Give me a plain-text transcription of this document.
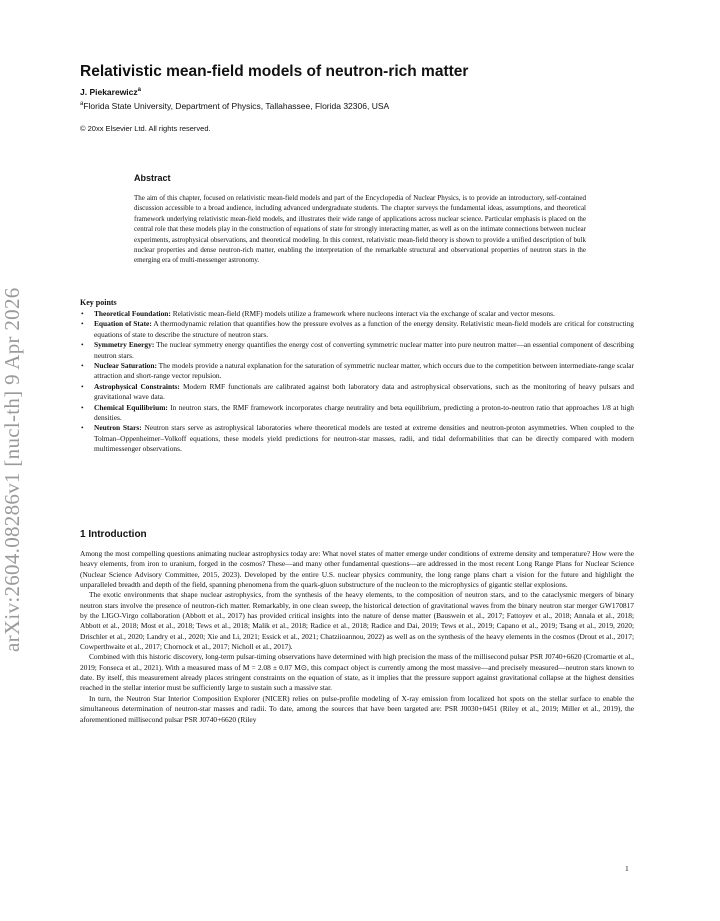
arXiv:2604.08286v1 [nucl-th] 9 Apr 2026
Relativistic mean-field models of neutron-rich matter
J. Piekarewicz$^a$
$^a$Florida State University, Department of Physics, Tallahassee, Florida 32306, USA
© 20xx Elsevier Ltd. All rights reserved.
Abstract

The aim of this chapter, focused on relativistic mean-field models and part of the Encyclopedia of Nuclear Physics, is to provide an introductory, self-contained discussion accessible to a broad audience, including advanced undergraduate students. The chapter surveys the fundamental ideas, assumptions, and theoretical framework underlying relativistic mean-field models, and illustrates their wide range of applications across nuclear science. Particular emphasis is placed on the central role that these models play in the construction of equations of state for strongly interacting matter, as well as on the intimate connections between nuclear experiments, astrophysical observations, and theoretical modeling. In this context, relativistic mean-field theory is shown to provide a unified description of bulk nuclear properties and dense neutron-rich matter, enabling the interpretation of the remarkable structural and observational properties of neutron stars in the emerging era of multi-messenger astronomy.

Key points
• Theoretical Foundation: Relativistic mean-field (RMF) models utilize a framework where nucleons interact via the exchange of scalar and vector mesons.
• Equation of State: A thermodynamic relation that quantifies how the pressure evolves as a function of the energy density. Relativistic mean-field models are critical for constructing equations of state to describe the structure of neutron stars.
• Symmetry Energy: The nuclear symmetry energy quantifies the energy cost of converting symmetric nuclear matter into pure neutron matter—an essential component of describing neutron stars.
• Nuclear Saturation: The models provide a natural explanation for the saturation of symmetric nuclear matter, which occurs due to the competition between intermediate-range scalar attraction and short-range vector repulsion.
• Astrophysical Constraints: Modern RMF functionals are calibrated against both laboratory data and astrophysical observations, such as the monitoring of heavy pulsars and gravitational wave data.
• Chemical Equilibrium: In neutron stars, the RMF framework incorporates charge neutrality and beta equilibrium, predicting a proton-to-neutron ratio that approaches 1/8 at high densities.
• Neutron Stars: Neutron stars serve as astrophysical laboratories where theoretical models are tested at extreme densities and neutron-proton asymmetries. When coupled to the Tolman–Oppenheimer–Volkoff equations, these models yield predictions for neutron-star masses, radii, and tidal deformabilities that can be directly compared with modern multimessenger observations.
1 Introduction

Among the most compelling questions animating nuclear astrophysics today are: What novel states of matter emerge under conditions of extreme density and temperature? How were the heavy elements, from iron to uranium, forged in the cosmos? These—and many other fundamental questions—are addressed in the most recent Long Range Plans for Nuclear Science (Nuclear Science Advisory Committee, 2015, 2023). Developed by the entire U.S. nuclear physics community, the long range plans chart a vision for the future and highlight the unparalleled breadth and depth of the field, spanning phenomena from the quark-gluon substructure of the nucleon to the microphysics of gigantic stellar explosions.

The exotic environments that shape nuclear astrophysics, from the synthesis of the heavy elements, to the composition of neutron stars, and to the cataclysmic mergers of binary neutron stars involve the presence of neutron-rich matter. Remarkably, in one clean sweep, the historical detection of gravitational waves from the binary neutron star merger GW170817 by the LIGO-Virgo collaboration (Abbott et al., 2017) has provided critical insights into the nature of dense matter (Bauswein et al., 2017; Fattoyev et al., 2018; Annala et al., 2018; Abbott et al., 2018; Most et al., 2018; Tews et al., 2018; Malik et al., 2018; Radice et al., 2018; Radice and Dai, 2019; Tews et al., 2019; Capano et al., 2019; Tsang et al., 2019, 2020; Drischler et al., 2020; Landry et al., 2020; Xie and Li, 2021; Essick et al., 2021; Chatziioannou, 2022) as well as on the synthesis of the heavy elements in the cosmos (Drout et al., 2017; Cowperthwaite et al., 2017; Chornock et al., 2017; Nicholl et al., 2017).

Combined with this historic discovery, long-term pulsar-timing observations have determined with high precision the mass of the millisecond pulsar PSR J0740+6620 (Cromartie et al., 2019; Fonseca et al., 2021). With a measured mass of M = 2.08 ± 0.07 M⊙, this compact object is currently among the most massive—and precisely measured—neutron stars known to date. By itself, this measurement already places stringent constraints on the equation of state, as it implies that the pressure support against gravitational collapse at the highest densities reached in the stellar interior must be sufficiently large to sustain such a massive star.

In turn, the Neutron Star Interior Composition Explorer (NICER) relies on pulse-profile modeling of X-ray emission from localized hot spots on the stellar surface to enable the simultaneous determination of neutron-star masses and radii. To date, among the sources that have been targeted are: PSR J0030+0451 (Riley et al., 2019; Miller et al., 2019), the aforementioned millisecond pulsar PSR J0740+6620 (Riley

1
